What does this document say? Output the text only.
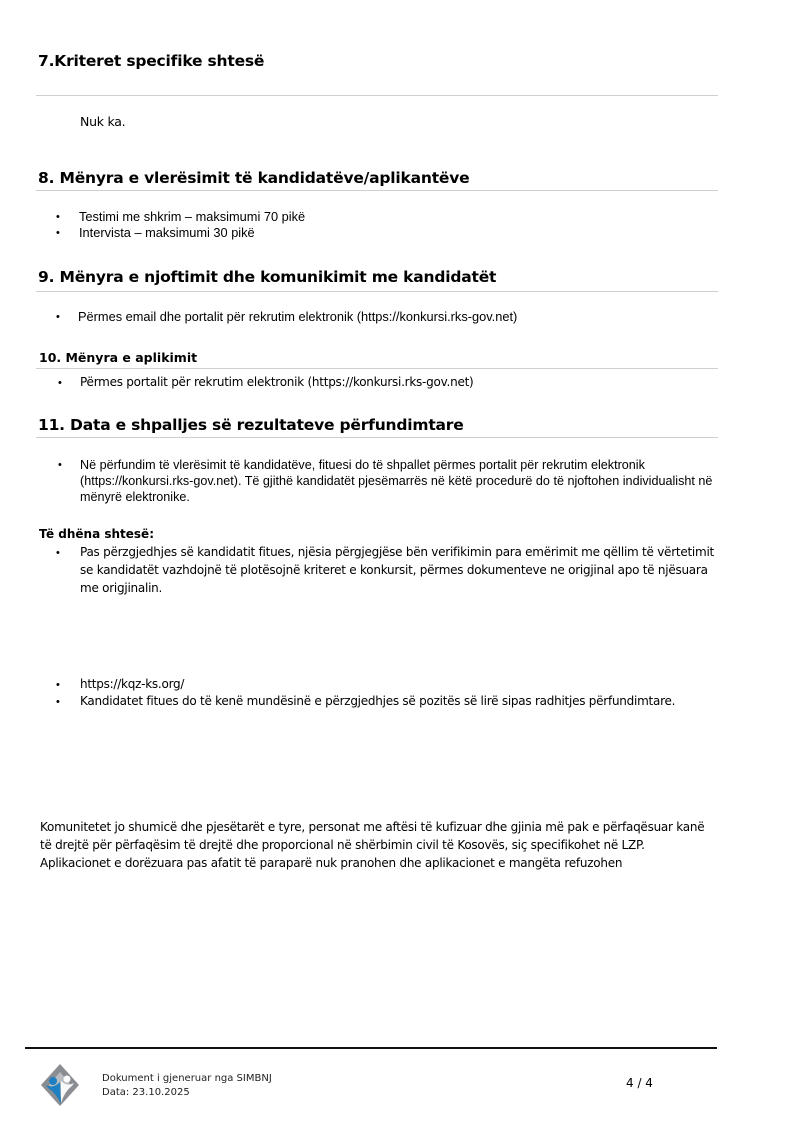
7.Kriteret specifike shtesë
Nuk ka.
8. Mënyra e vlerësimit të kandidatëve/aplikantëve
• Testimi me shkrim – maksimumi 70 pikë
• Intervista – maksimumi 30 pikë
9. Mënyra e njoftimit dhe komunikimit me kandidatët
• Përmes email dhe portalit për rekrutim elektronik (https://konkursi.rks-gov.net)
10. Mënyra e aplikimit
• Përmes portalit për rekrutim elektronik (https://konkursi.rks-gov.net)
11. Data e shpalljes së rezultateve përfundimtare
• Në përfundim të vlerësimit të kandidatëve, fituesi do të shpallet përmes portalit për rekrutim elektronik (https://konkursi.rks-gov.net). Të gjithë kandidatët pjesëmarrës në këtë procedurë do të njoftohen individualisht në mënyrë elektronike.
Të dhëna shtesë:
• Pas përzgjedhjes së kandidatit fitues, njësia përgjegjëse bën verifikimin para emërimit me qëllim të vërtetimit se kandidatët vazhdojnë të plotësojnë kriteret e konkursit, përmes dokumenteve ne origjinal apo të njësuara me origjinalin.
• https://kqz-ks.org/
• Kandidatet fitues do të kenë mundësinë e përzgjedhjes së pozitës së lirë sipas radhitjes përfundimtare.
Komunitetet jo shumicë dhe pjesëtarët e tyre, personat me aftësi të kufizuar dhe gjinia më pak e përfaqësuar kanë
të drejtë për përfaqësim të drejtë dhe proporcional në shërbimin civil të Kosovës, siç specifikohet në LZP.
Aplikacionet e dorëzuara pas afatit të paraparë nuk pranohen dhe aplikacionet e mangëta refuzohen
Dokument i gjeneruar nga SIMBNJ
Data: 23.10.2025
4 / 4
